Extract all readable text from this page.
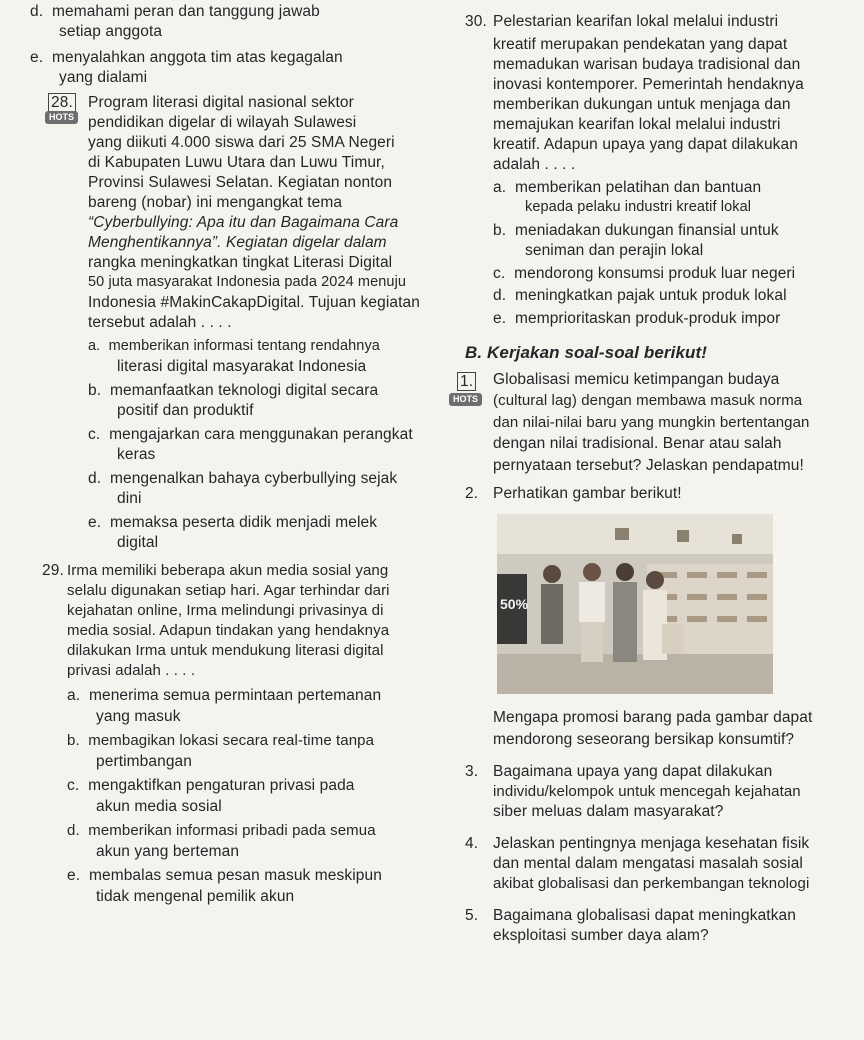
d. memahami peran dan tanggung jawab
setiap anggota
e. menyalahkan anggota tim atas kegagalan
yang dialami
28.
HOTS
Program literasi digital nasional sektor
pendidikan digelar di wilayah Sulawesi
yang diikuti 4.000 siswa dari 25 SMA Negeri
di Kabupaten Luwu Utara dan Luwu Timur,
Provinsi Sulawesi Selatan. Kegiatan nonton
bareng (nobar) ini mengangkat tema
“Cyberbullying: Apa itu dan Bagaimana Cara
Menghentikannya”. Kegiatan digelar dalam
rangka meningkatkan tingkat Literasi Digital
50 juta masyarakat Indonesia pada 2024 menuju
Indonesia #MakinCakapDigital. Tujuan kegiatan
tersebut adalah . . . .
a. memberikan informasi tentang rendahnya
literasi digital masyarakat Indonesia
b. memanfaatkan teknologi digital secara
positif dan produktif
c. mengajarkan cara menggunakan perangkat
keras
d. mengenalkan bahaya cyberbullying sejak
dini
e. memaksa peserta didik menjadi melek
digital
29. Irma memiliki beberapa akun media sosial yang
selalu digunakan setiap hari. Agar terhindar dari
kejahatan online, Irma melindungi privasinya di
media sosial. Adapun tindakan yang hendaknya
dilakukan Irma untuk mendukung literasi digital
privasi adalah . . . .
a. menerima semua permintaan pertemanan
yang masuk
b. membagikan lokasi secara real-time tanpa
pertimbangan
c. mengaktifkan pengaturan privasi pada
akun media sosial
d. memberikan informasi pribadi pada semua
akun yang berteman
e. membalas semua pesan masuk meskipun
tidak mengenal pemilik akun
30. Pelestarian kearifan lokal melalui industri
kreatif merupakan pendekatan yang dapat
memadukan warisan budaya tradisional dan
inovasi kontemporer. Pemerintah hendaknya
memberikan dukungan untuk menjaga dan
memajukan kearifan lokal melalui industri
kreatif. Adapun upaya yang dapat dilakukan
adalah . . . .
a. memberikan pelatihan dan bantuan
kepada pelaku industri kreatif lokal
b. meniadakan dukungan finansial untuk
seniman dan perajin lokal
c. mendorong konsumsi produk luar negeri
d. meningkatkan pajak untuk produk lokal
e. memprioritaskan produk-produk impor
B. Kerjakan soal-soal berikut!
1.
HOTS
Globalisasi memicu ketimpangan budaya
(cultural lag) dengan membawa masuk norma
dan nilai-nilai baru yang mungkin bertentangan
dengan nilai tradisional. Benar atau salah
pernyataan tersebut? Jelaskan pendapatmu!
2. Perhatikan gambar berikut!
Mengapa promosi barang pada gambar dapat
mendorong seseorang bersikap konsumtif?
3. Bagaimana upaya yang dapat dilakukan
individu/kelompok untuk mencegah kejahatan
siber meluas dalam masyarakat?
4. Jelaskan pentingnya menjaga kesehatan fisik
dan mental dalam mengatasi masalah sosial
akibat globalisasi dan perkembangan teknologi
5. Bagaimana globalisasi dapat meningkatkan
eksploitasi sumber daya alam?
50%
